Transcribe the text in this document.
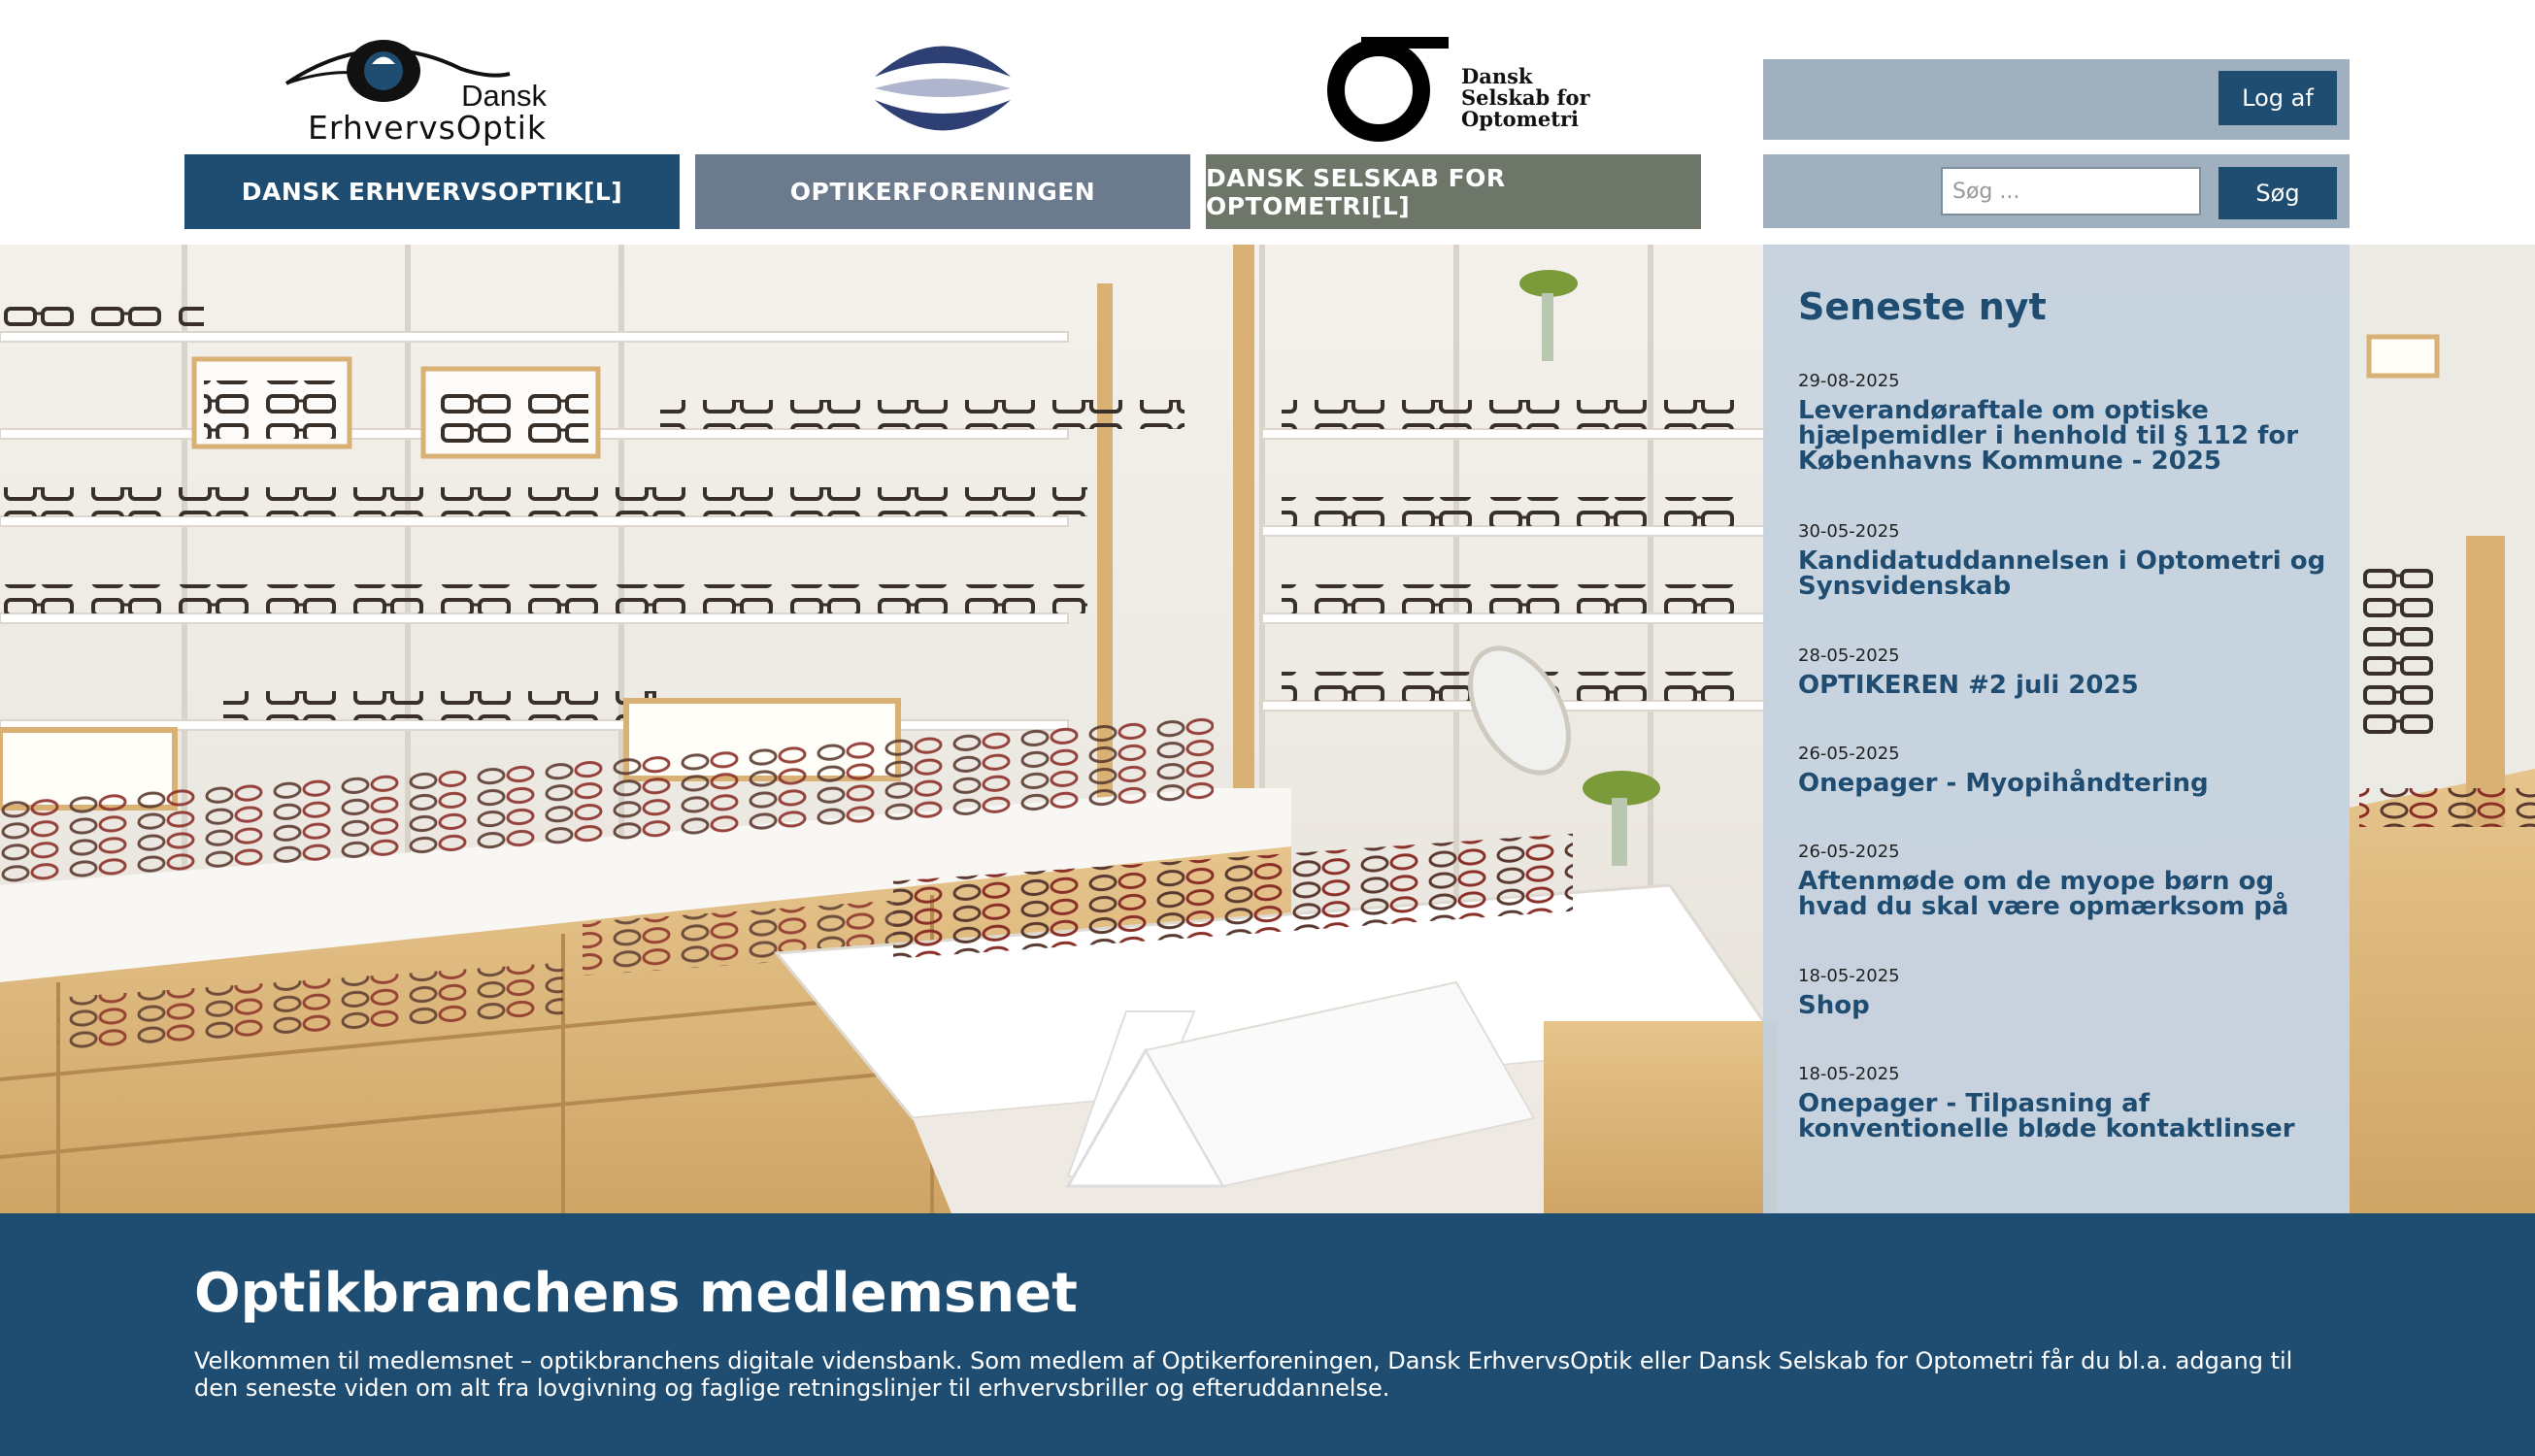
Dansk
ErhvervsOptik
Dansk
Selskab for
Optometri
DANSK ERHVERVSOPTIK[L]	OPTIKERFORENINGEN	DANSK SELSKAB FOR OPTOMETRI[L]
Log af
Søg ...
Søg
Seneste nyt
29-08-2025
Leverandøraftale om optiske hjælpemidler i henhold til § 112 for Københavns Kommune - 2025
30-05-2025
Kandidatuddannelsen i Optometri og Synsvidenskab
28-05-2025
OPTIKEREN #2 juli 2025
26-05-2025
Onepager - Myopihåndtering
26-05-2025
Aftenmøde om de myope børn og hvad du skal være opmærksom på
18-05-2025
Shop
18-05-2025
Onepager - Tilpasning af konventionelle bløde kontaktlinser
Optikbranchens medlemsnet
Velkommen til medlemsnet – optikbranchens digitale vidensbank. Som medlem af Optikerforeningen, Dansk ErhvervsOptik eller Dansk Selskab for Optometri får du bl.a. adgang til den seneste viden om alt fra lovgivning og faglige retningslinjer til erhvervsbriller og efteruddannelse.
